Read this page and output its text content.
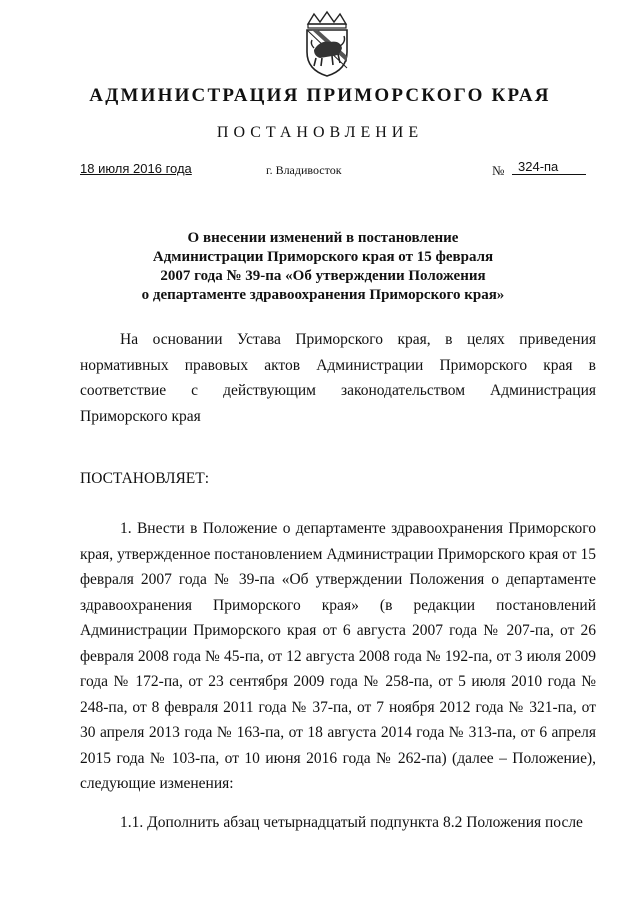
АДМИНИСТРАЦИЯ ПРИМОРСКОГО КРАЯ
ПОСТАНОВЛЕНИЕ
18 июля 2016 года	г. Владивосток	№	324-па
О внесении изменений в постановление
Администрации Приморского края от 15 февраля
2007 года № 39-па «Об утверждении Положения
о департаменте здравоохранения Приморского края»

На основании Устава Приморского края, в целях приведения нормативных правовых актов Администрации Приморского края в соответствие с действующим законодательством Администрация Приморского края

ПОСТАНОВЛЯЕТ:

1. Внести в Положение о департаменте здравоохранения Приморского края, утвержденное постановлением Администрации Приморского края от 15 февраля 2007 года № 39-па «Об утверждении Положения о департаменте здравоохранения Приморского края» (в редакции постановлений Администрации Приморского края от 6 августа 2007 года № 207-па, от 26 февраля 2008 года № 45-па, от 12 августа 2008 года № 192-па, от 3 июля 2009 года № 172-па, от 23 сентября 2009 года № 258-па, от 5 июля 2010 года № 248-па, от 8 февраля 2011 года № 37-па, от 7 ноября 2012 года № 321-па, от 30 апреля 2013 года № 163-па, от 18 августа 2014 года № 313-па, от 6 апреля 2015 года № 103-па, от 10 июня 2016 года № 262-па) (далее – Положение), следующие изменения:

1.1. Дополнить абзац четырнадцатый подпункта 8.2 Положения после
